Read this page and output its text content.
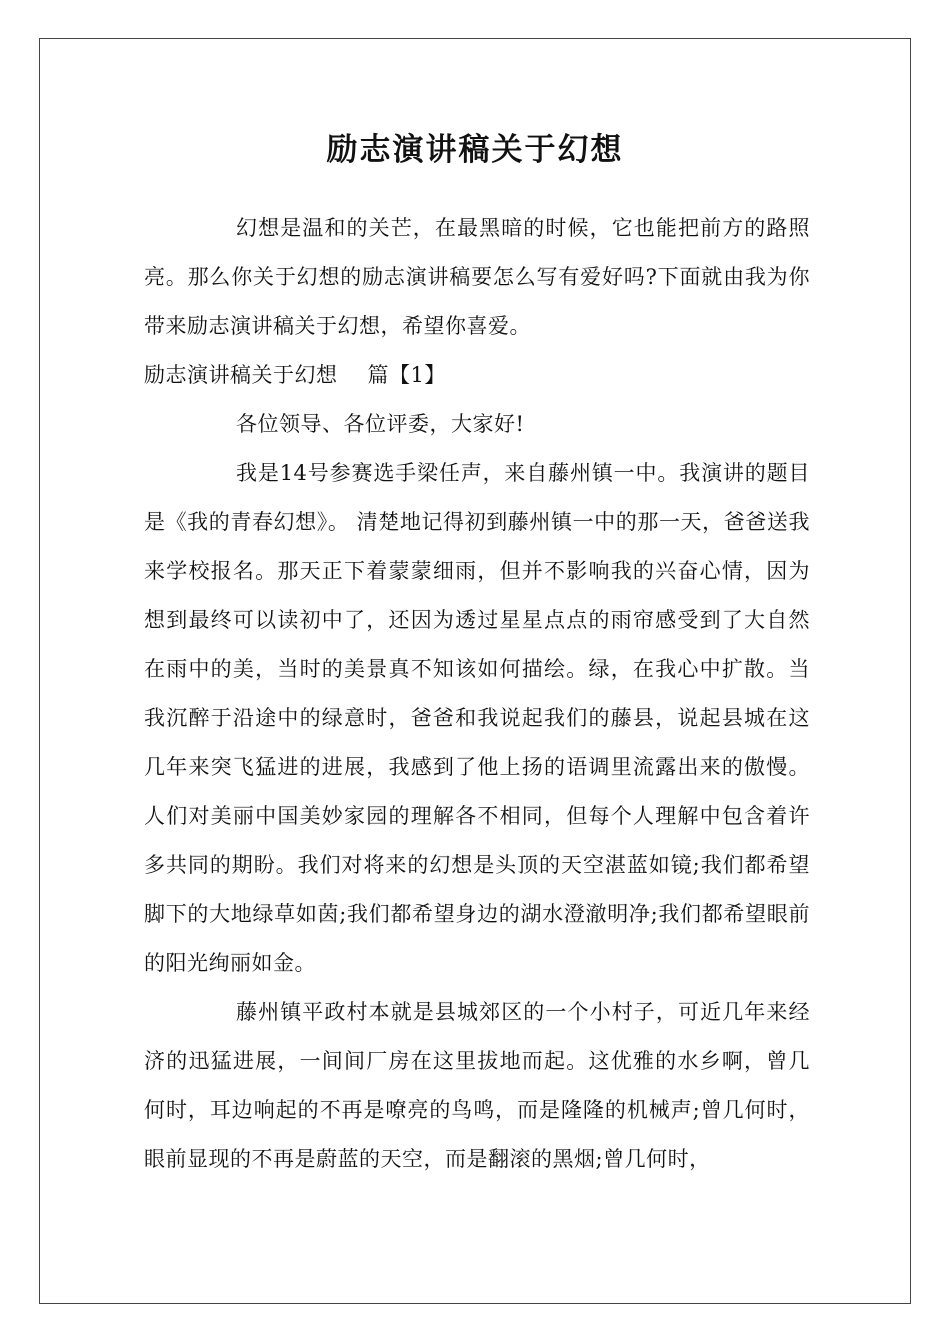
励志演讲稿关于幻想

幻想是温和的关芒，在最黑暗的时候，它也能把前方的路照亮。那么你关于幻想的励志演讲稿要怎么写有爱好吗?下面就由我为你带来励志演讲稿关于幻想，希望你喜爱。

励志演讲稿关于幻想 篇【1】

各位领导、各位评委，大家好!

我是14号参赛选手梁任声，来自藤州镇一中。我演讲的题目是《我的青春幻想》。 清楚地记得初到藤州镇一中的那一天，爸爸送我来学校报名。那天正下着蒙蒙细雨，但并不影响我的兴奋心情，因为想到最终可以读初中了，还因为透过星星点点的雨帘感受到了大自然在雨中的美，当时的美景真不知该如何描绘。绿，在我心中扩散。当我沉醉于沿途中的绿意时，爸爸和我说起我们的藤县，说起县城在这几年来突飞猛进的进展，我感到了他上扬的语调里流露出来的傲慢。人们对美丽中国美妙家园的理解各不相同，但每个人理解中包含着许多共同的期盼。我们对将来的幻想是头顶的天空湛蓝如镜;我们都希望脚下的大地绿草如茵;我们都希望身边的湖水澄澈明净;我们都希望眼前的阳光绚丽如金。

藤州镇平政村本就是县城郊区的一个小村子，可近几年来经济的迅猛进展，一间间厂房在这里拔地而起。这优雅的水乡啊，曾几何时，耳边响起的不再是嘹亮的鸟鸣，而是隆隆的机械声;曾几何时，眼前显现的不再是蔚蓝的天空，而是翻滚的黑烟;曾几何时，
